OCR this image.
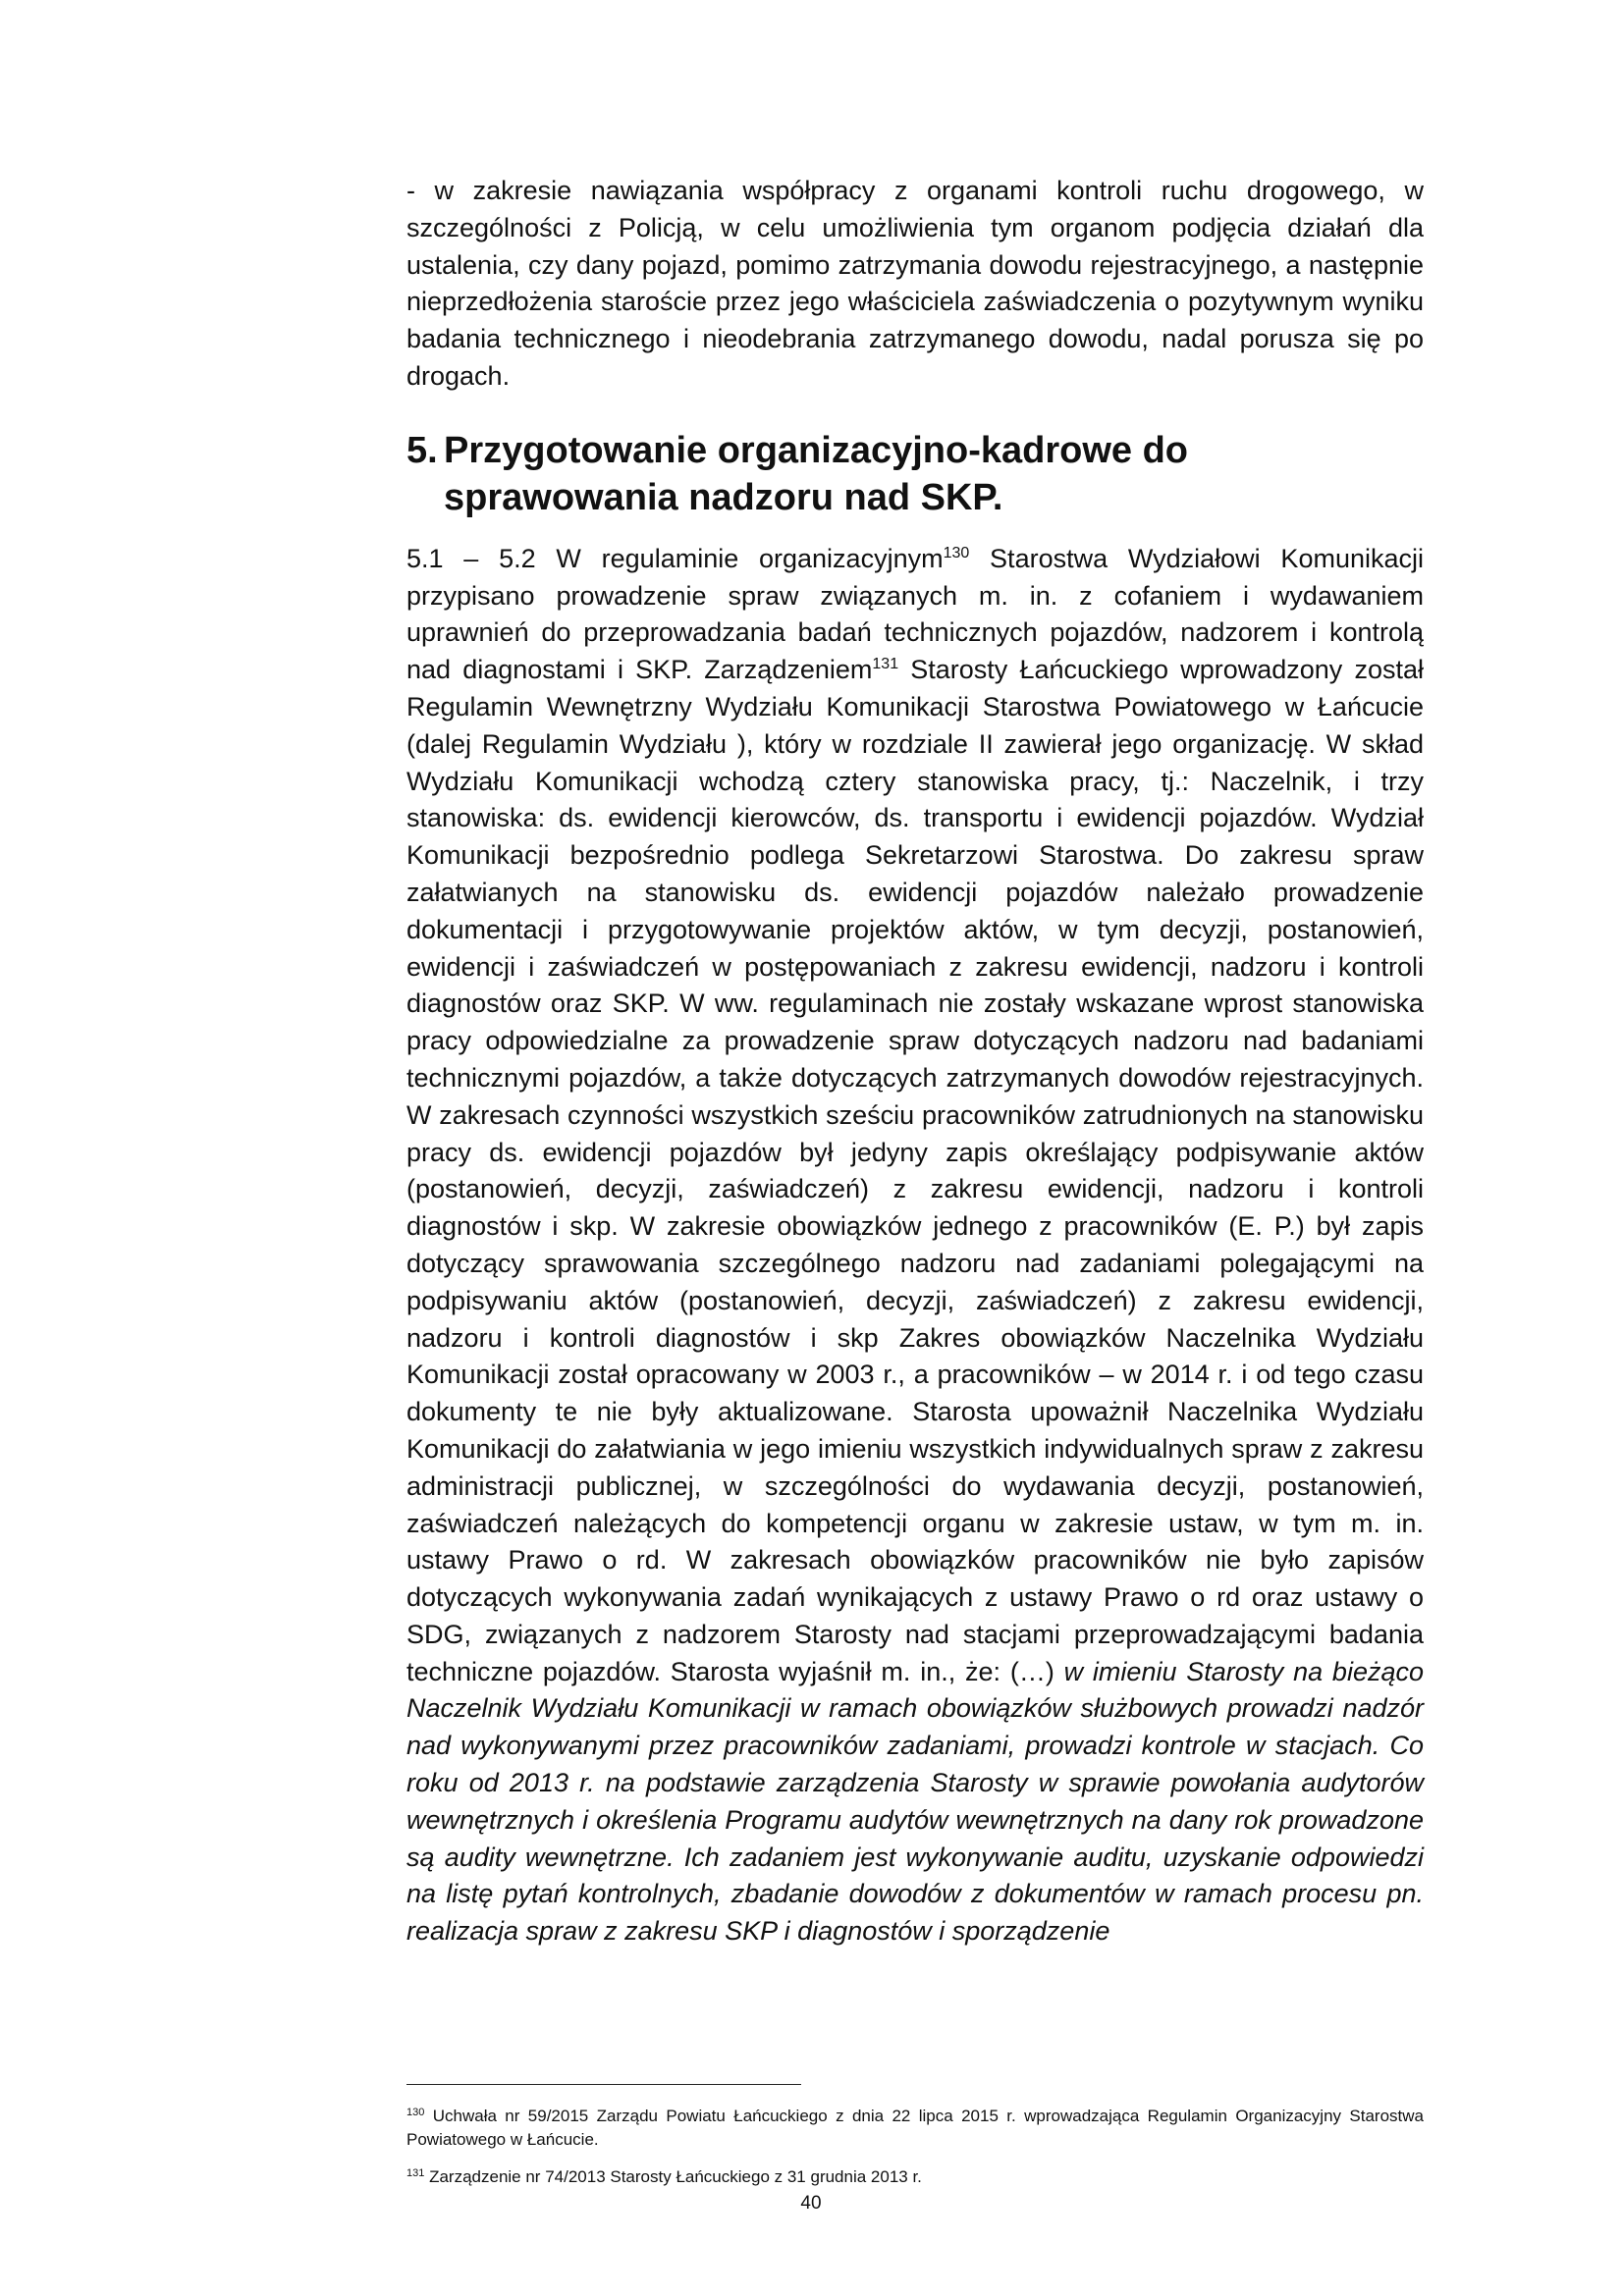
- w zakresie nawiązania współpracy z organami kontroli ruchu drogowego, w szczególności z Policją, w celu umożliwienia tym organom podjęcia działań dla ustalenia, czy dany pojazd, pomimo zatrzymania dowodu rejestracyjnego, a następnie nieprzedłożenia staroście przez jego właściciela zaświadczenia o pozytywnym wyniku badania technicznego i nieodebrania zatrzymanego dowodu, nadal porusza się po drogach.

5. Przygotowanie organizacyjno-kadrowe do sprawowania nadzoru nad SKP.

5.1 – 5.2 W regulaminie organizacyjnym$^{130}$ Starostwa Wydziałowi Komunikacji przypisano prowadzenie spraw związanych m. in. z cofaniem i wydawaniem uprawnień do przeprowadzania badań technicznych pojazdów, nadzorem i kontrolą nad diagnostami i SKP. Zarządzeniem$^{131}$ Starosty Łańcuckiego wprowadzony został Regulamin Wewnętrzny Wydziału Komunikacji Starostwa Powiatowego w Łańcucie (dalej Regulamin Wydziału ), który w rozdziale II zawierał jego organizację. W skład Wydziału Komunikacji wchodzą cztery stanowiska pracy, tj.: Naczelnik, i trzy stanowiska: ds. ewidencji kierowców, ds. transportu i ewidencji pojazdów. Wydział Komunikacji bezpośrednio podlega Sekretarzowi Starostwa. Do zakresu spraw załatwianych na stanowisku ds. ewidencji pojazdów należało prowadzenie dokumentacji i przygotowywanie projektów aktów, w tym decyzji, postanowień, ewidencji i zaświadczeń w postępowaniach z zakresu ewidencji, nadzoru i kontroli diagnostów oraz SKP. W ww. regulaminach nie zostały wskazane wprost stanowiska pracy odpowiedzialne za prowadzenie spraw dotyczących nadzoru nad badaniami technicznymi pojazdów, a także dotyczących zatrzymanych dowodów rejestracyjnych. W zakresach czynności wszystkich sześciu pracowników zatrudnionych na stanowisku pracy ds. ewidencji pojazdów był jedyny zapis określający podpisywanie aktów (postanowień, decyzji, zaświadczeń) z zakresu ewidencji, nadzoru i kontroli diagnostów i skp. W zakresie obowiązków jednego z pracowników (E. P.) był zapis dotyczący sprawowania szczególnego nadzoru nad zadaniami polegającymi na podpisywaniu aktów (postanowień, decyzji, zaświadczeń) z zakresu ewidencji, nadzoru i kontroli diagnostów i skp Zakres obowiązków Naczelnika Wydziału Komunikacji został opracowany w 2003 r., a pracowników – w 2014 r. i od tego czasu dokumenty te nie były aktualizowane. Starosta upoważnił Naczelnika Wydziału Komunikacji do załatwiania w jego imieniu wszystkich indywidualnych spraw z zakresu administracji publicznej, w szczególności do wydawania decyzji, postanowień, zaświadczeń należących do kompetencji organu w zakresie ustaw, w tym m. in. ustawy Prawo o rd. W zakresach obowiązków pracowników nie było zapisów dotyczących wykonywania zadań wynikających z ustawy Prawo o rd oraz ustawy o SDG, związanych z nadzorem Starosty nad stacjami przeprowadzającymi badania techniczne pojazdów. Starosta wyjaśnił m. in., że: (…) w imieniu Starosty na bieżąco Naczelnik Wydziału Komunikacji w ramach obowiązków służbowych prowadzi nadzór nad wykonywanymi przez pracowników zadaniami, prowadzi kontrole w stacjach. Co roku od 2013 r. na podstawie zarządzenia Starosty w sprawie powołania audytorów wewnętrznych i określenia Programu audytów wewnętrznych na dany rok prowadzone są audity wewnętrzne. Ich zadaniem jest wykonywanie auditu, uzyskanie odpowiedzi na listę pytań kontrolnych, zbadanie dowodów z dokumentów w ramach procesu pn. realizacja spraw z zakresu SKP i diagnostów i sporządzenie

$^{130}$ Uchwała nr 59/2015 Zarządu Powiatu Łańcuckiego z dnia 22 lipca 2015 r. wprowadzająca Regulamin Organizacyjny Starostwa Powiatowego w Łańcucie.

$^{131}$ Zarządzenie nr 74/2013 Starosty Łańcuckiego z 31 grudnia 2013 r.

40
